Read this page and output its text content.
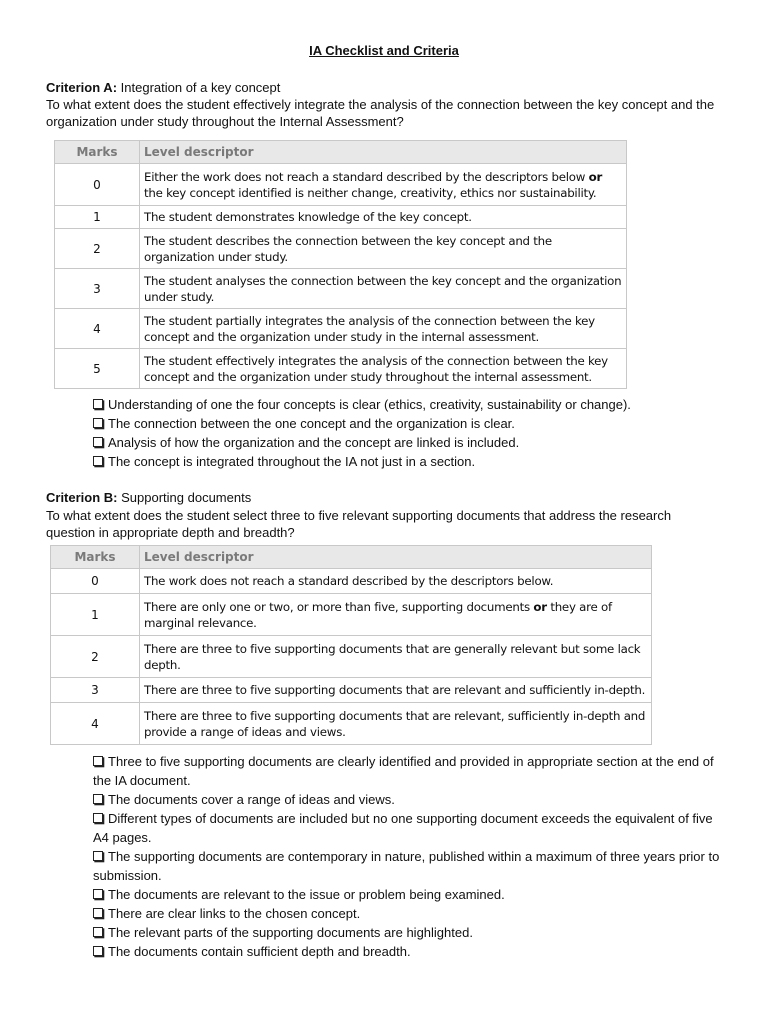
IA Checklist and Criteria
Criterion A: Integration of a key concept
To what extent does the student effectively integrate the analysis of the connection between the key concept and the organization under study throughout the Internal Assessment?
Marks	Level descriptor
0	Either the work does not reach a standard described by the descriptors below or the key concept identified is neither change, creativity, ethics nor sustainability.
1	The student demonstrates knowledge of the key concept.
2	The student describes the connection between the key concept and the organization under study.
3	The student analyses the connection between the key concept and the organization under study.
4	The student partially integrates the analysis of the connection between the key concept and the organization under study in the internal assessment.
5	The student effectively integrates the analysis of the connection between the key concept and the organization under study throughout the internal assessment.
Understanding of one the four concepts is clear (ethics, creativity, sustainability or change).
The connection between the one concept and the organization is clear.
Analysis of how the organization and the concept are linked is included.
The concept is integrated throughout the IA not just in a section.
Criterion B: Supporting documents
To what extent does the student select three to five relevant supporting documents that address the research question in appropriate depth and breadth?
Marks	Level descriptor
0	The work does not reach a standard described by the descriptors below.
1	There are only one or two, or more than five, supporting documents or they are of marginal relevance.
2	There are three to five supporting documents that are generally relevant but some lack depth.
3	There are three to five supporting documents that are relevant and sufficiently in-depth.
4	There are three to five supporting documents that are relevant, sufficiently in-depth and provide a range of ideas and views.
Three to five supporting documents are clearly identified and provided in appropriate section at the end of the IA document.
The documents cover a range of ideas and views.
Different types of documents are included but no one supporting document exceeds the equivalent of five A4 pages.
The supporting documents are contemporary in nature, published within a maximum of three years prior to submission.
The documents are relevant to the issue or problem being examined.
There are clear links to the chosen concept.
The relevant parts of the supporting documents are highlighted.
The documents contain sufficient depth and breadth.
